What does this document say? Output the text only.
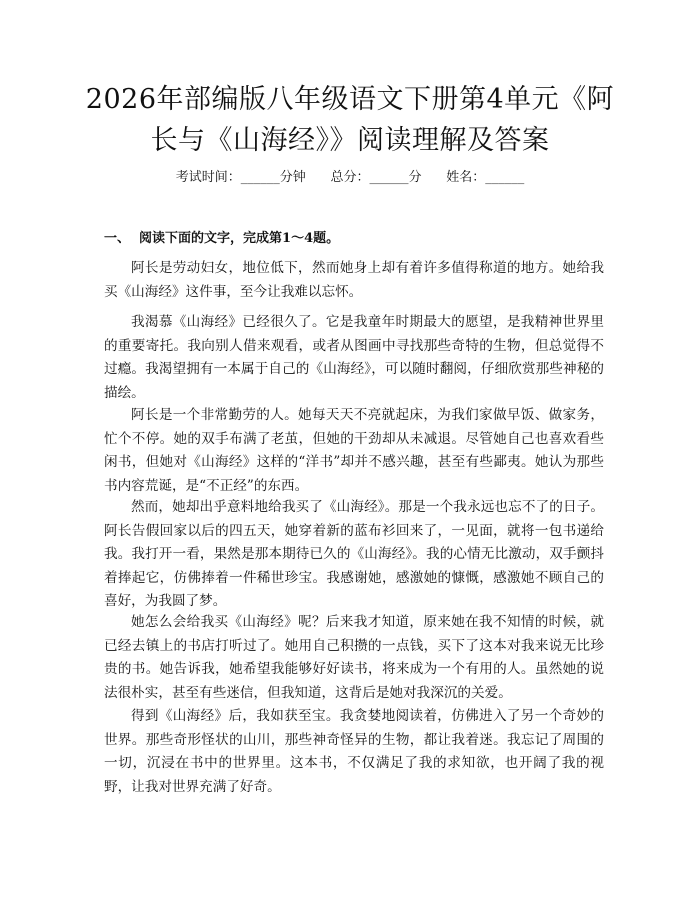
2026年部编版八年级语文下册第4单元《阿长与《山海经》》阅读理解及答案
考试时间：______分钟      总分：______分      姓名：______
一、  阅读下面的文字，完成第1～4题。

阿长是劳动妇女，地位低下，然而她身上却有着许多值得称道的地方。她给我买《山海经》这件事，至今让我难以忘怀。

我渴慕《山海经》已经很久了。它是我童年时期最大的愿望，是我精神世界里的重要寄托。我向别人借来观看，或者从图画中寻找那些奇特的生物，但总觉得不过瘾。我渴望拥有一本属于自己的《山海经》，可以随时翻阅，仔细欣赏那些神秘的描绘。

阿长是一个非常勤劳的人。她每天天不亮就起床，为我们家做早饭、做家务，忙个不停。她的双手布满了老茧，但她的干劲却从未减退。尽管她自己也喜欢看些闲书，但她对《山海经》这样的“洋书”却并不感兴趣，甚至有些鄙夷。她认为那些书内容荒诞，是“不正经”的东西。

然而，她却出乎意料地给我买了《山海经》。那是一个我永远也忘不了的日子。阿长告假回家以后的四五天，她穿着新的蓝布衫回来了，一见面，就将一包书递给我。我打开一看，果然是那本期待已久的《山海经》。我的心情无比激动，双手颤抖着捧起它，仿佛捧着一件稀世珍宝。我感谢她，感激她的慷慨，感激她不顾自己的喜好，为我圆了梦。

她怎么会给我买《山海经》呢？后来我才知道，原来她在我不知情的时候，就已经去镇上的书店打听过了。她用自己积攒的一点钱，买下了这本对我来说无比珍贵的书。她告诉我，她希望我能够好好读书，将来成为一个有用的人。虽然她的说法很朴实，甚至有些迷信，但我知道，这背后是她对我深沉的关爱。

得到《山海经》后，我如获至宝。我贪婪地阅读着，仿佛进入了另一个奇妙的世界。那些奇形怪状的山川，那些神奇怪异的生物，都让我着迷。我忘记了周围的一切，沉浸在书中的世界里。这本书，不仅满足了我的求知欲，也开阔了我的视野，让我对世界充满了好奇。
